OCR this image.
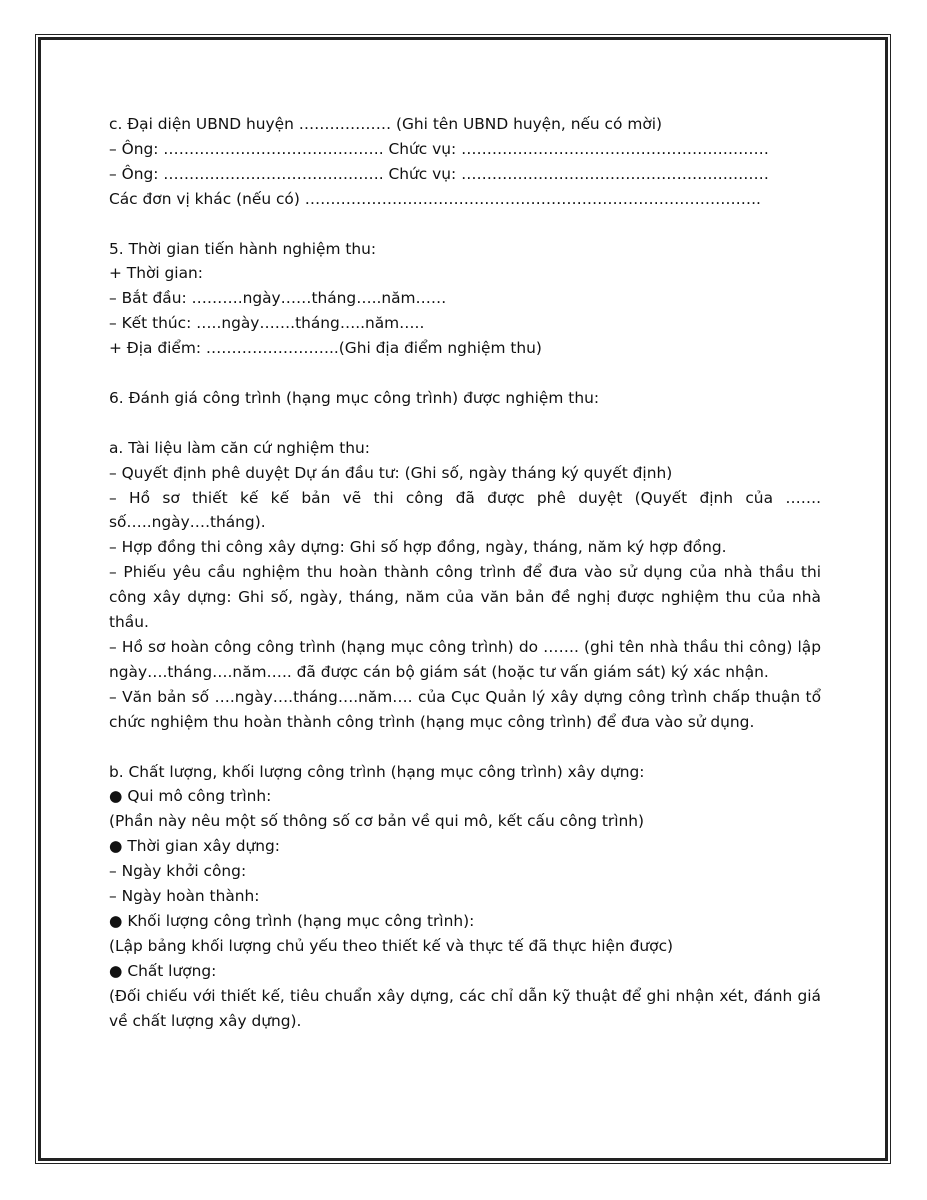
c. Đại diện UBND huyện ……………… (Ghi tên UBND huyện, nếu có mời)
– Ông: ……………………………………. Chức vụ: ……………………………………………………
– Ông: ……………………………………. Chức vụ: ……………………………………………………
Các đơn vị khác (nếu có) ……………………………………………………………………………..
5. Thời gian tiến hành nghiệm thu:
+ Thời gian:
– Bắt đầu: ……….ngày……tháng…..năm……
– Kết thúc: …..ngày…….tháng…..năm…..
+ Địa điểm: ……………………..(Ghi địa điểm nghiệm thu)
6. Đánh giá công trình (hạng mục công trình) được nghiệm thu:
a. Tài liệu làm căn cứ nghiệm thu:
– Quyết định phê duyệt Dự án đầu tư: (Ghi số, ngày tháng ký quyết định)
– Hồ sơ thiết kế kế bản vẽ thi công đã được phê duyệt (Quyết định của ……. số…..ngày….tháng).
– Hợp đồng thi công xây dựng: Ghi số hợp đồng, ngày, tháng, năm ký hợp đồng.
– Phiếu yêu cầu nghiệm thu hoàn thành công trình để đưa vào sử dụng của nhà thầu thi công xây dựng: Ghi số, ngày, tháng, năm của văn bản đề nghị được nghiệm thu của nhà thầu.
– Hồ sơ hoàn công công trình (hạng mục công trình) do ……. (ghi tên nhà thầu thi công) lập ngày….tháng….năm….. đã được cán bộ giám sát (hoặc tư vấn giám sát) ký xác nhận.
– Văn bản số ….ngày….tháng….năm…. của Cục Quản lý xây dựng công trình chấp thuận tổ chức nghiệm thu hoàn thành công trình (hạng mục công trình) để đưa vào sử dụng.
b. Chất lượng, khối lượng công trình (hạng mục công trình) xây dựng:
● Qui mô công trình:
(Phần này nêu một số thông số cơ bản về qui mô, kết cấu công trình)
● Thời gian xây dựng:
– Ngày khởi công:
– Ngày hoàn thành:
● Khối lượng công trình (hạng mục công trình):
(Lập bảng khối lượng chủ yếu theo thiết kế và thực tế đã thực hiện được)
● Chất lượng:
(Đối chiếu với thiết kế, tiêu chuẩn xây dựng, các chỉ dẫn kỹ thuật để ghi nhận xét, đánh giá về chất lượng xây dựng).
